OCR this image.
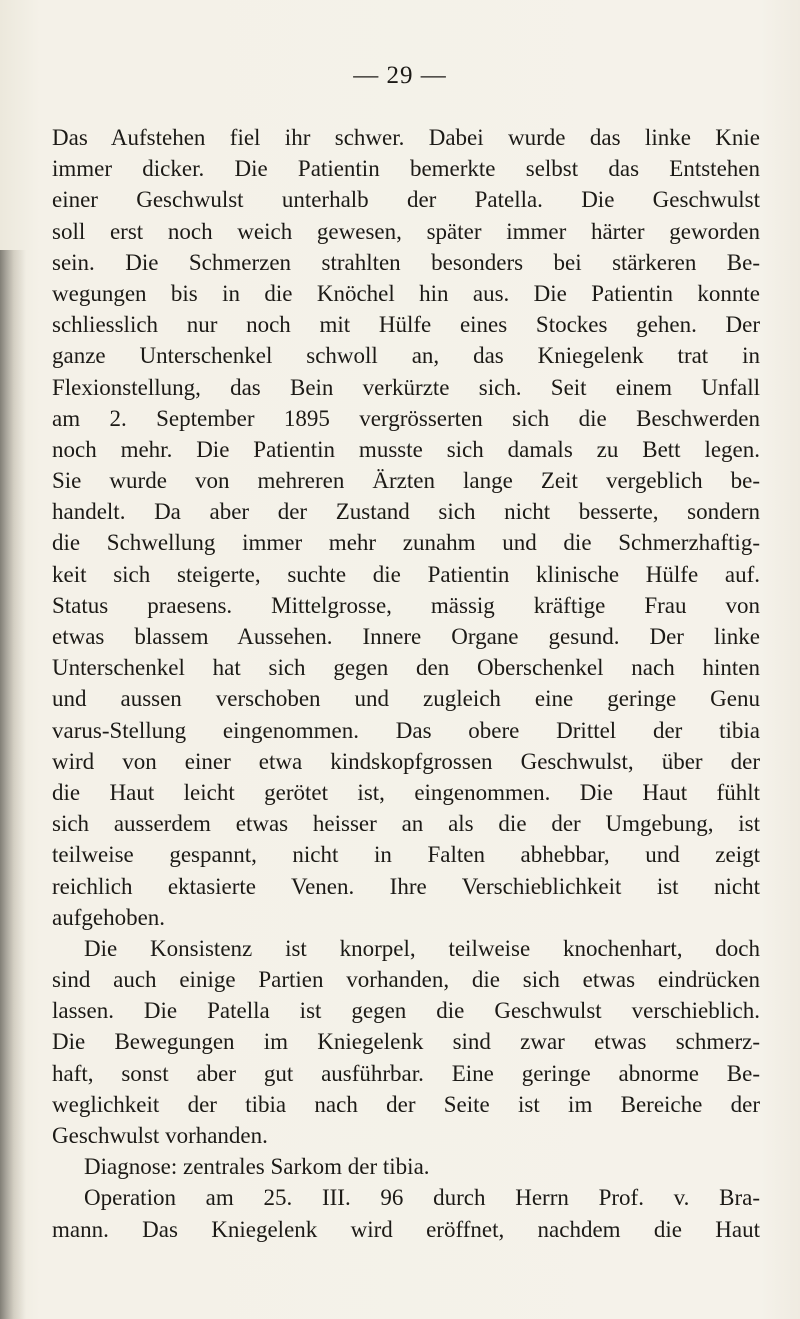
— 29 —
Das Aufstehen fiel ihr schwer. Dabei wurde das linke Knie
immer dicker. Die Patientin bemerkte selbst das Entstehen
einer Geschwulst unterhalb der Patella. Die Geschwulst
soll erst noch weich gewesen, später immer härter geworden
sein. Die Schmerzen strahlten besonders bei stärkeren Be-
wegungen bis in die Knöchel hin aus. Die Patientin konnte
schliesslich nur noch mit Hülfe eines Stockes gehen. Der
ganze Unterschenkel schwoll an, das Kniegelenk trat in
Flexionstellung, das Bein verkürzte sich. Seit einem Unfall
am 2. September 1895 vergrösserten sich die Beschwerden
noch mehr. Die Patientin musste sich damals zu Bett legen.
Sie wurde von mehreren Ärzten lange Zeit vergeblich be-
handelt. Da aber der Zustand sich nicht besserte, sondern
die Schwellung immer mehr zunahm und die Schmerzhaftig-
keit sich steigerte, suchte die Patientin klinische Hülfe auf.
Status praesens. Mittelgrosse, mässig kräftige Frau von
etwas blassem Aussehen. Innere Organe gesund. Der linke
Unterschenkel hat sich gegen den Oberschenkel nach hinten
und aussen verschoben und zugleich eine geringe Genu
varus-Stellung eingenommen. Das obere Drittel der tibia
wird von einer etwa kindskopfgrossen Geschwulst, über der
die Haut leicht gerötet ist, eingenommen. Die Haut fühlt
sich ausserdem etwas heisser an als die der Umgebung, ist
teilweise gespannt, nicht in Falten abhebbar, und zeigt
reichlich ektasierte Venen. Ihre Verschieblichkeit ist nicht
aufgehoben.
Die Konsistenz ist knorpel, teilweise knochenhart, doch
sind auch einige Partien vorhanden, die sich etwas eindrücken
lassen. Die Patella ist gegen die Geschwulst verschieblich.
Die Bewegungen im Kniegelenk sind zwar etwas schmerz-
haft, sonst aber gut ausführbar. Eine geringe abnorme Be-
weglichkeit der tibia nach der Seite ist im Bereiche der
Geschwulst vorhanden.
Diagnose: zentrales Sarkom der tibia.
Operation am 25. III. 96 durch Herrn Prof. v. Bra-
mann. Das Kniegelenk wird eröffnet, nachdem die Haut
